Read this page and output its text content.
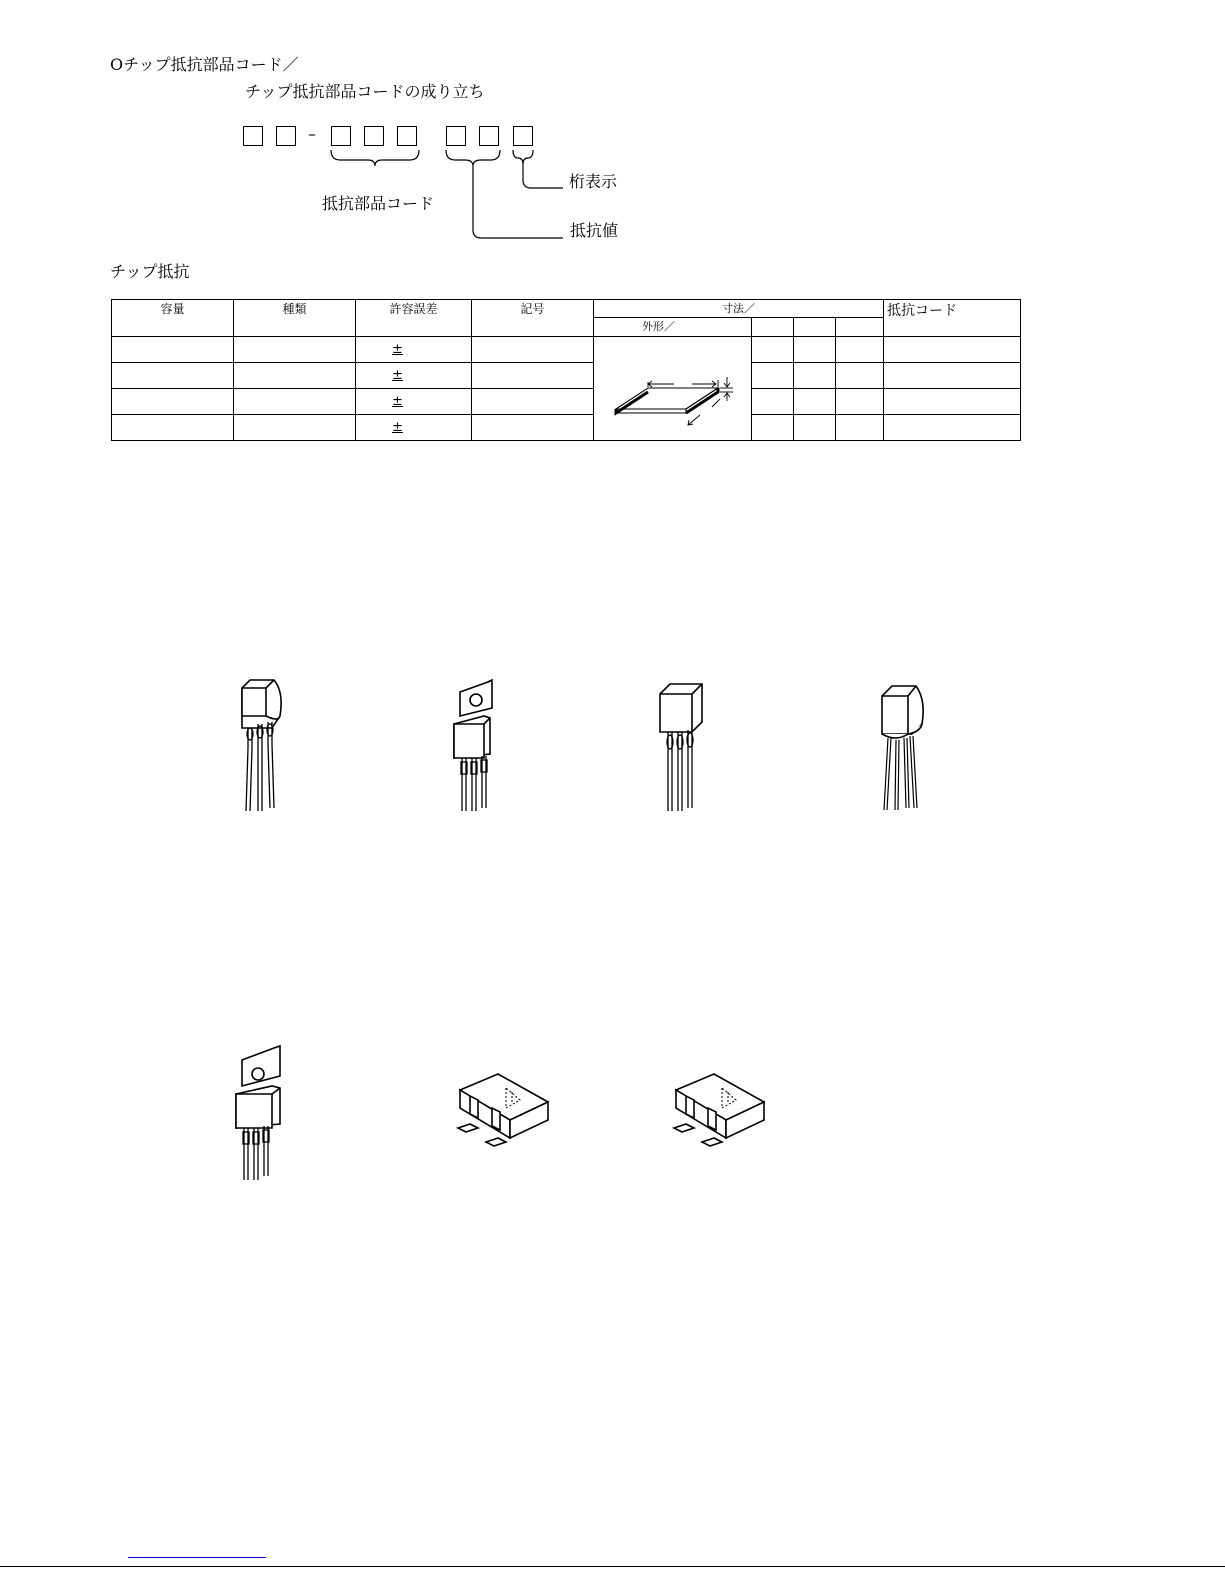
Oチップ抵抗部品コード／
チップ抵抗部品コードの成り立ち
–
抵抗部品コード
桁表示
抵抗値
チップ抵抗
容量	種類	許容誤差	記号	寸法／				抵抗コード
				外形／				
		±		

		±						
		±						
		±						
